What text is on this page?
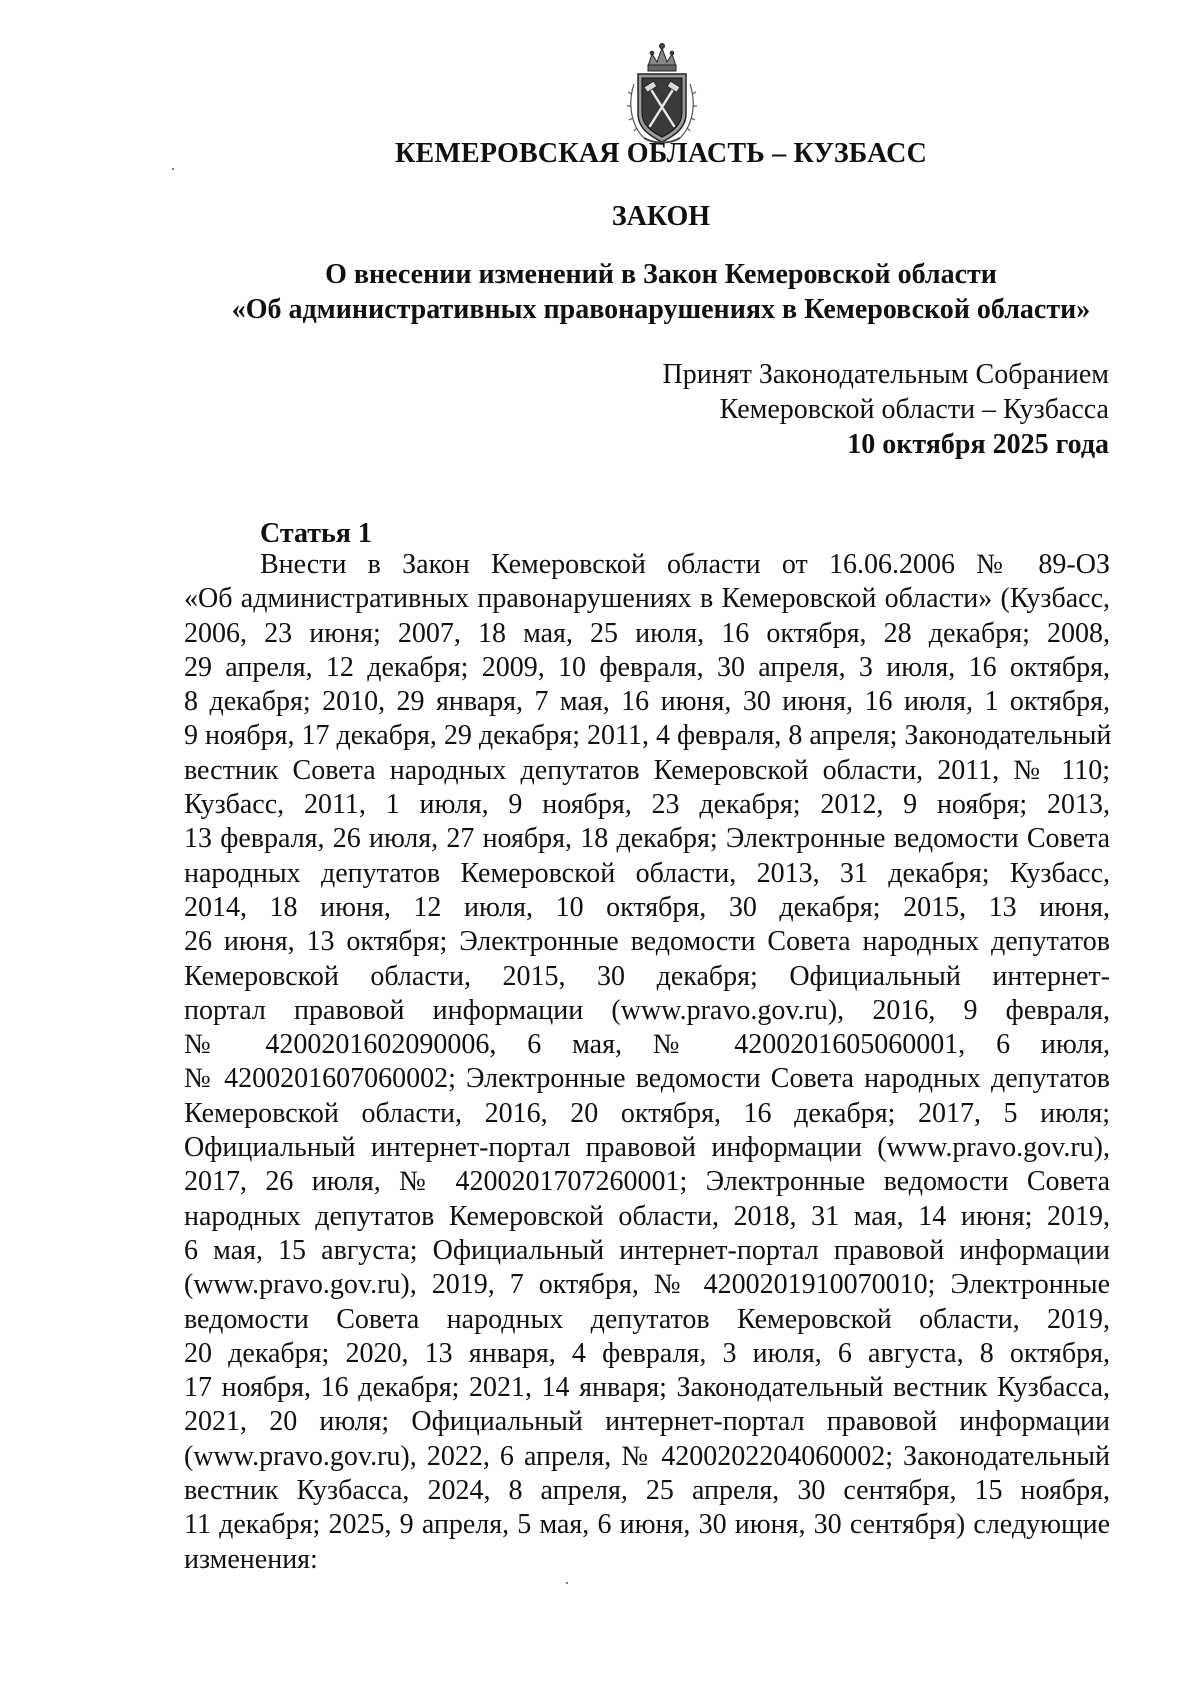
КЕМЕРОВСКАЯ ОБЛАСТЬ – КУЗБАСС
ЗАКОН
О внесении изменений в Закон Кемеровской области
«Об административных правонарушениях в Кемеровской области»
Принят Законодательным Собранием
Кемеровской области – Кузбасса
10 октября 2025 года
Статья 1
Внести в Закон Кемеровской области от 16.06.2006 № 89-ОЗ
«Об административных правонарушениях в Кемеровской области» (Кузбасс,
2006, 23 июня; 2007, 18 мая, 25 июля, 16 октября, 28 декабря; 2008,
29 апреля, 12 декабря; 2009, 10 февраля, 30 апреля, 3 июля, 16 октября,
8 декабря; 2010, 29 января, 7 мая, 16 июня, 30 июня, 16 июля, 1 октября,
9 ноября, 17 декабря, 29 декабря; 2011, 4 февраля, 8 апреля; Законодательный
вестник Совета народных депутатов Кемеровской области, 2011, № 110;
Кузбасс, 2011, 1 июля, 9 ноября, 23 декабря; 2012, 9 ноября; 2013,
13 февраля, 26 июля, 27 ноября, 18 декабря; Электронные ведомости Совета
народных депутатов Кемеровской области, 2013, 31 декабря; Кузбасс,
2014, 18 июня, 12 июля, 10 октября, 30 декабря; 2015, 13 июня,
26 июня, 13 октября; Электронные ведомости Совета народных депутатов
Кемеровской области, 2015, 30 декабря; Официальный интернет-
портал правовой информации (www.pravo.gov.ru), 2016, 9 февраля,
№ 4200201602090006, 6 мая, № 4200201605060001, 6 июля,
№ 4200201607060002; Электронные ведомости Совета народных депутатов
Кемеровской области, 2016, 20 октября, 16 декабря; 2017, 5 июля;
Официальный интернет-портал правовой информации (www.pravo.gov.ru),
2017, 26 июля, № 4200201707260001; Электронные ведомости Совета
народных депутатов Кемеровской области, 2018, 31 мая, 14 июня; 2019,
6 мая, 15 августа; Официальный интернет-портал правовой информации
(www.pravo.gov.ru), 2019, 7 октября, № 4200201910070010; Электронные
ведомости Совета народных депутатов Кемеровской области, 2019,
20 декабря; 2020, 13 января, 4 февраля, 3 июля, 6 августа, 8 октября,
17 ноября, 16 декабря; 2021, 14 января; Законодательный вестник Кузбасса,
2021, 20 июля; Официальный интернет-портал правовой информации
(www.pravo.gov.ru), 2022, 6 апреля, № 4200202204060002; Законодательный
вестник Кузбасса, 2024, 8 апреля, 25 апреля, 30 сентября, 15 ноября,
11 декабря; 2025, 9 апреля, 5 мая, 6 июня, 30 июня, 30 сентября) следующие
изменения:
